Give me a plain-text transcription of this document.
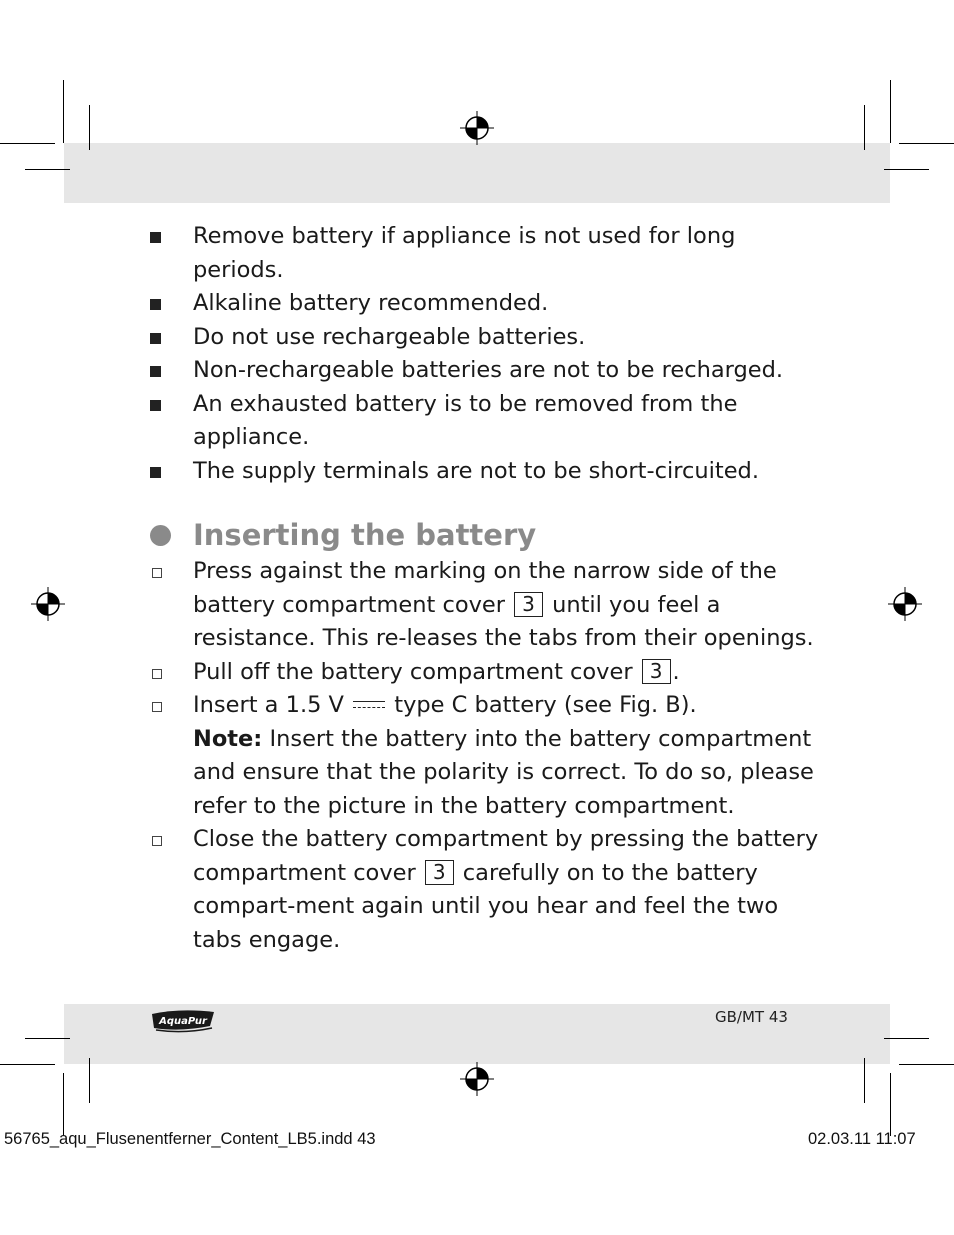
Remove battery if appliance is not used for long periods.
Alkaline battery recommended.
Do not use rechargeable batteries.
Non-rechargeable batteries are not to be recharged.
An exhausted battery is to be removed from the appliance.
The supply terminals are not to be short-circuited.
Inserting the battery
Press against the marking on the narrow side of the battery compartment cover 3 until you feel a resistance. This re-leases the tabs from their openings.
Pull off the battery compartment cover 3 .
Insert a 1.5 V type C battery (see Fig. B).
Note: Insert the battery into the battery compartment and ensure that the polarity is correct. To do so, please refer to the picture in the battery compartment.
Close the battery compartment by pressing the battery compartment cover 3 carefully on to the battery compart-ment again until you hear and feel the two tabs engage.
AquaPur	GB/MT 43
56765_aqu_Flusenentferner_Content_LB5.indd 43	02.03.11 11:07
